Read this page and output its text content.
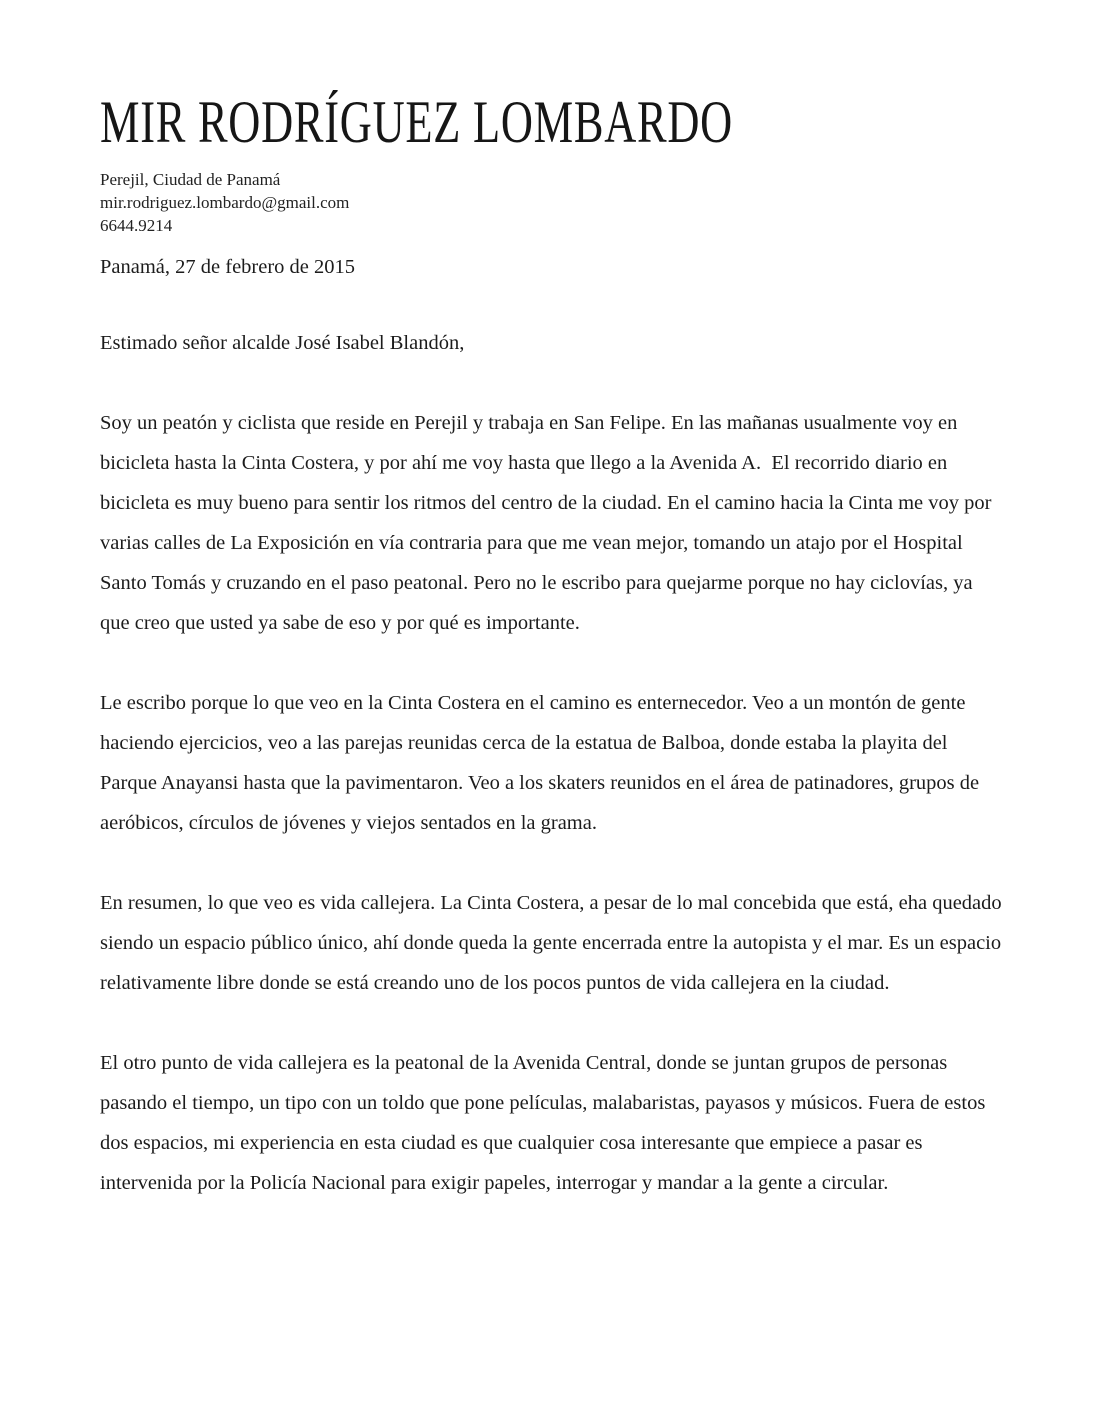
MIR RODRÍGUEZ LOMBARDO
Perejil, Ciudad de Panamá
mir.rodriguez.lombardo@gmail.com
6644.9214
Panamá, 27 de febrero de 2015
Estimado señor alcalde José Isabel Blandón,

Soy un peatón y ciclista que reside en Perejil y trabaja en San Felipe. En las mañanas usualmente voy en bicicleta hasta la Cinta Costera, y por ahí me voy hasta que llego a la Avenida A.  El recorrido diario en bicicleta es muy bueno para sentir los ritmos del centro de la ciudad. En el camino hacia la Cinta me voy por varias calles de La Exposición en vía contraria para que me vean mejor, tomando un atajo por el Hospital Santo Tomás y cruzando en el paso peatonal. Pero no le escribo para quejarme porque no hay ciclovías, ya que creo que usted ya sabe de eso y por qué es importante.

Le escribo porque lo que veo en la Cinta Costera en el camino es enternecedor. Veo a un montón de gente haciendo ejercicios, veo a las parejas reunidas cerca de la estatua de Balboa, donde estaba la playita del Parque Anayansi hasta que la pavimentaron. Veo a los skaters reunidos en el área de patinadores, grupos de aeróbicos, círculos de jóvenes y viejos sentados en la grama.

En resumen, lo que veo es vida callejera. La Cinta Costera, a pesar de lo mal concebida que está, eha quedado siendo un espacio público único, ahí donde queda la gente encerrada entre la autopista y el mar. Es un espacio relativamente libre donde se está creando uno de los pocos puntos de vida callejera en la ciudad.

El otro punto de vida callejera es la peatonal de la Avenida Central, donde se juntan grupos de personas pasando el tiempo, un tipo con un toldo que pone películas, malabaristas, payasos y músicos. Fuera de estos dos espacios, mi experiencia en esta ciudad es que cualquier cosa interesante que empiece a pasar es intervenida por la Policía Nacional para exigir papeles, interrogar y mandar a la gente a circular.
